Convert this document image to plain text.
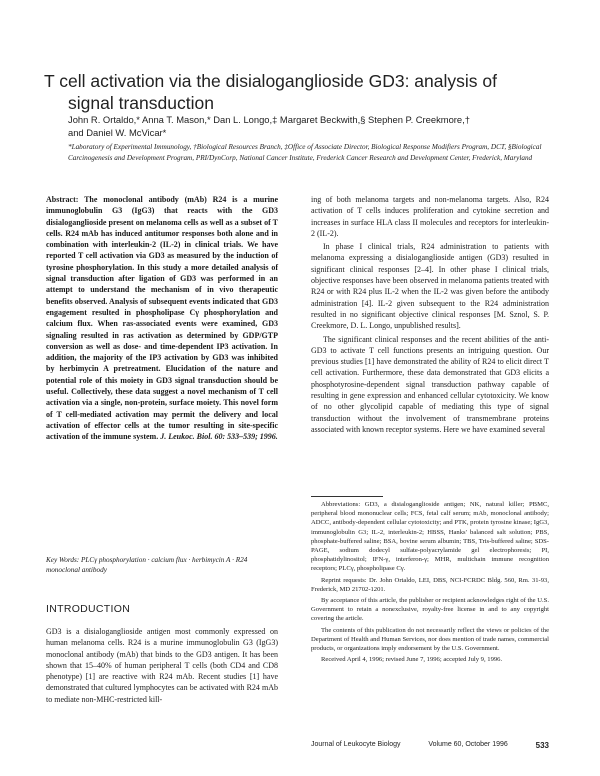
T cell activation via the disialoganglioside GD3: analysis of
signal transduction
John R. Ortaldo,* Anna T. Mason,* Dan L. Longo,‡ Margaret Beckwith,§ Stephen P. Creekmore,†
and Daniel W. McVicar*

*Laboratory of Experimental Immunology, †Biological Resources Branch, ‡Office of Associate Director, Biological Response Modifiers Program, DCT, §Biological Carcinogenesis and Development Program, PRI/DynCorp, National Cancer Institute, Frederick Cancer Research and Development Center, Frederick, Maryland

Abstract: The monoclonal antibody (mAb) R24 is a murine immunoglobulin G3 (IgG3) that reacts with the GD3 disialoganglioside present on melanoma cells as well as a subset of T cells. R24 mAb has induced antitumor responses both alone and in combination with interleukin-2 (IL-2) in clinical trials. We have reported T cell activation via GD3 as measured by the induction of tyrosine phosphorylation. In this study a more detailed analysis of signal transduction after ligation of GD3 was performed in an attempt to understand the mechanism of in vivo therapeutic benefits observed. Analysis of subsequent events indicated that GD3 engagement resulted in phospholipase Cγ phosphorylation and calcium flux. When ras-associated events were examined, GD3 signaling resulted in ras activation as determined by GDP/GTP conversion as well as dose- and time-dependent IP3 activation. In addition, the majority of the IP3 activation by GD3 was inhibited by herbimycin A pretreatment. Elucidation of the nature and potential role of this moiety in GD3 signal transduction should be useful. Collectively, these data suggest a novel mechanism of T cell activation via a single, non-protein, surface moiety. This novel form of T cell-mediated activation may permit the delivery and local activation of effector cells at the tumor resulting in site-specific activation of the immune system. J. Leukoc. Biol. 60: 533–539; 1996.

Key Words: PLCγ phosphorylation · calcium flux · herbimycin A · R24 monoclonal antibody

INTRODUCTION

GD3 is a disialoganglioside antigen most commonly expressed on human melanoma cells. R24 is a murine immunoglobulin G3 (IgG3) monoclonal antibody (mAb) that binds to the GD3 antigen. It has been shown that 15–40% of human peripheral T cells (both CD4 and CD8 phenotype) [1] are reactive with R24 mAb. Recent studies [1] have demonstrated that cultured lymphocytes can be activated with R24 mAb to mediate non-MHC-restricted kill-

ing of both melanoma targets and non-melanoma targets. Also, R24 activation of T cells induces proliferation and cytokine secretion and increases in surface HLA class II molecules and receptors for interleukin-2 (IL-2).

In phase I clinical trials, R24 administration to patients with melanoma expressing a disialoganglioside antigen (GD3) resulted in significant clinical responses [2–4]. In other phase I clinical trials, objective responses have been observed in melanoma patients treated with R24 or with R24 plus IL-2 when the IL-2 was given before the antibody administration [4]. IL-2 given subsequent to the R24 administration resulted in no significant objective clinical responses [M. Sznol, S. P. Creekmore, D. L. Longo, unpublished results].

The significant clinical responses and the recent abilities of the anti-GD3 to activate T cell functions presents an intriguing question. Our previous studies [1] have demonstrated the ability of R24 to elicit direct T cell activation. Furthermore, these data demonstrated that GD3 elicits a phosphotyrosine-dependent signal transduction pathway capable of resulting in gene expression and enhanced cellular cytotoxicity. We know of no other glycolipid capable of mediating this type of signal transduction without the involvement of transmembrane proteins associated with known receptor systems. Here we have examined several

Abbreviations: GD3, a disialoganglioside antigen; NK, natural killer; PBMC, peripheral blood mononuclear cells; FCS, fetal calf serum; mAb, monoclonal antibody; ADCC, antibody-dependent cellular cytotoxicity; and PTK, protein tyrosine kinase; IgG3, immunoglobulin G3; IL-2, interleukin-2; HBSS, Hanks' balanced salt solution; PBS, phosphate-buffered saline; BSA, bovine serum albumin; TBS, Tris-buffered saline; SDS-PAGE, sodium dodecyl sulfate-polyacrylamide gel electrophoresis; PI, phosphatidylinositol; IFN-γ, interferon-γ; MHR, multichain immune recognition receptors; PLCγ, phospholipase Cγ.

Reprint requests: Dr. John Ortaldo, LEI, DBS, NCI-FCRDC Bldg. 560, Rm. 31-93, Frederick, MD 21702-1201.

By acceptance of this article, the publisher or recipient acknowledges right of the U.S. Government to retain a nonexclusive, royalty-free license in and to any copyright covering the article.

The contents of this publication do not necessarily reflect the views or policies of the Department of Health and Human Services, nor does mention of trade names, commercial products, or organizations imply endorsement by the U.S. Government.

Received April 4, 1996; revised June 7, 1996; accepted July 9, 1996.

Journal of Leukocyte Biology	Volume 60, October 1996	533
